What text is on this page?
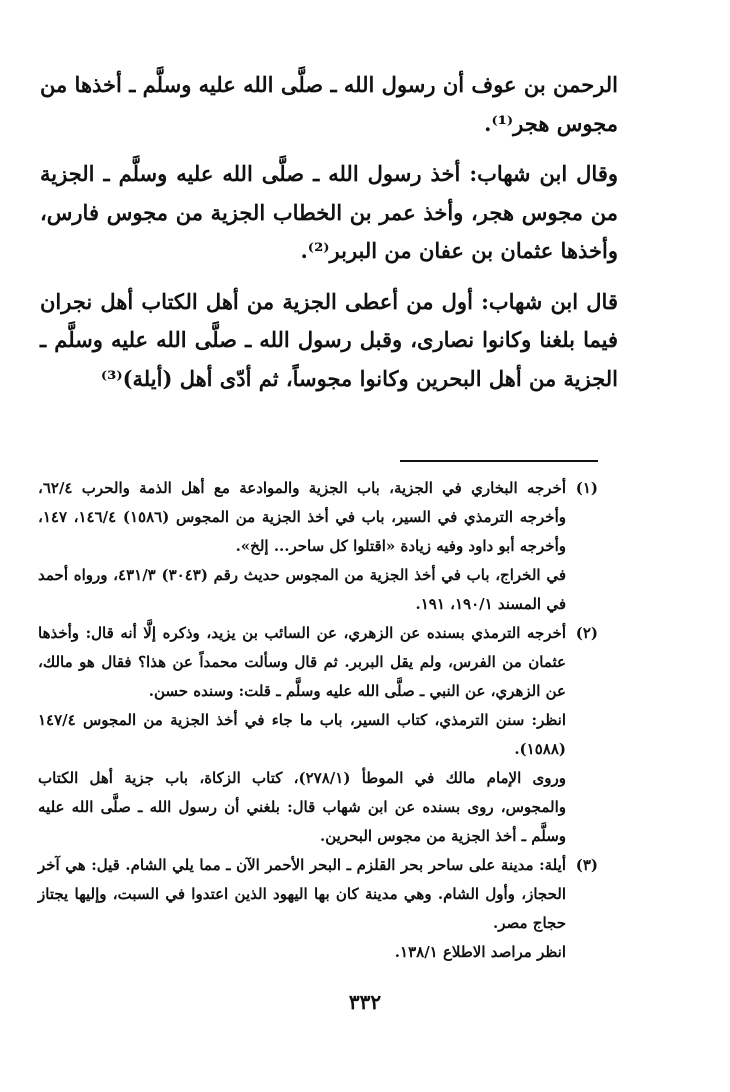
الرحمن بن عوف أن رسول الله ـ صلَّى الله عليه وسلَّم ـ أخذها من مجوس هجر⁽¹⁾.

وقال ابن شهاب: أخذ رسول الله ـ صلَّى الله عليه وسلَّم ـ الجزية من مجوس هجر، وأخذ عمر بن الخطاب الجزية من مجوس فارس، وأخذها عثمان بن عفان من البربر⁽²⁾.

قال ابن شهاب: أول من أعطى الجزية من أهل الكتاب أهل نجران فيما بلغنا وكانوا نصارى، وقبل رسول الله ـ صلَّى الله عليه وسلَّم ـ الجزية من أهل البحرين وكانوا مجوساً، ثم أدّى أهل (أيلة)⁽³⁾

(١)
أخرجه البخاري في الجزية، باب الجزية والموادعة مع أهل الذمة والحرب ٦٢/٤، وأخرجه الترمذي في السير، باب في أخذ الجزية من المجوس (١٥٨٦) ١٤٦/٤، ١٤٧، وأخرجه أبو داود وفيه زيادة «اقتلوا كل ساحر... إلخ».
في الخراج، باب في أخذ الجزية من المجوس حديث رقم (٣٠٤٣) ٤٣١/٣، ورواه أحمد في المسند ١٩٠/١، ١٩١.
(٢)
أخرجه الترمذي بسنده عن الزهري، عن السائب بن يزيد، وذكره إلَّا أنه قال: وأخذها عثمان من الفرس، ولم يقل البربر. ثم قال وسألت محمداً عن هذا؟ فقال هو مالك، عن الزهري، عن النبي ـ صلَّى الله عليه وسلَّم ـ قلت: وسنده حسن.
انظر: سنن الترمذي، كتاب السير، باب ما جاء في أخذ الجزية من المجوس ١٤٧/٤ (١٥٨٨).
وروى الإمام مالك في الموطأ (٢٧٨/١)، كتاب الزكاة، باب جزية أهل الكتاب والمجوس، روى بسنده عن ابن شهاب قال: بلغني أن رسول الله ـ صلَّى الله عليه وسلَّم ـ أخذ الجزية من مجوس البحرين.
(٣)
أيلة: مدينة على ساحر بحر القلزم ـ البحر الأحمر الآن ـ مما يلي الشام. قيل: هي آخر الحجاز، وأول الشام. وهي مدينة كان بها اليهود الذين اعتدوا في السبت، وإليها يجتاز حجاج مصر.
انظر مراصد الاطلاع ١٣٨/١.
٣٣٢
